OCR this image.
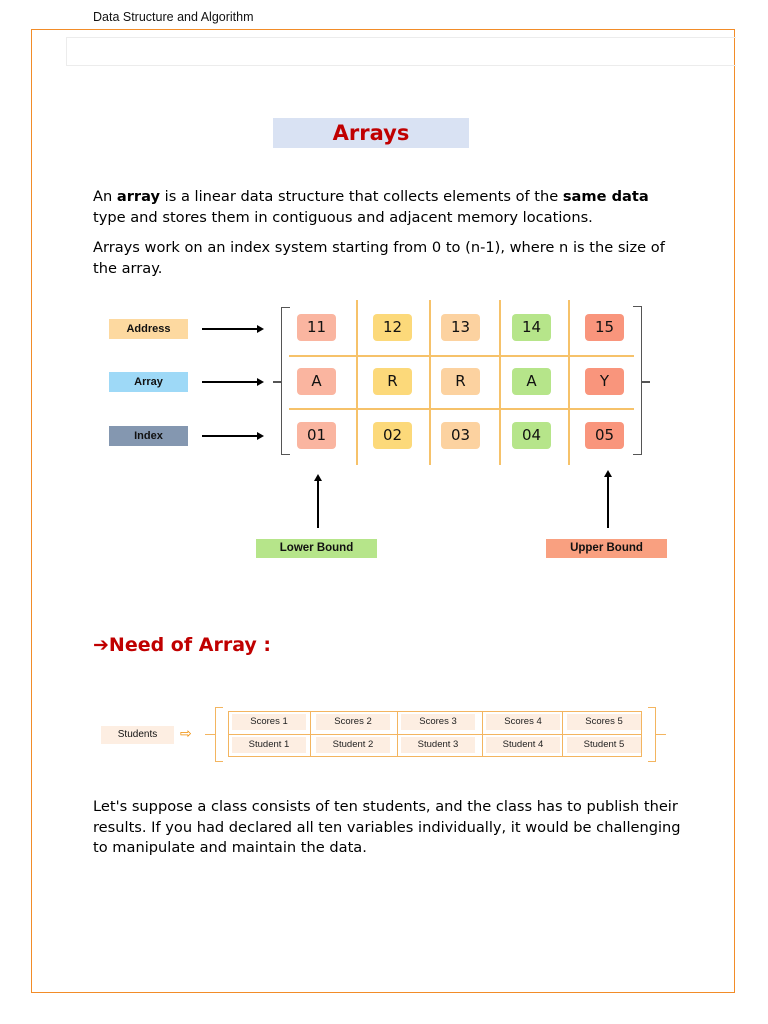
Data Structure and Algorithm
Arrays
An array is a linear data structure that collects elements of the same data type and stores them in contiguous and adjacent memory locations.
Arrays work on an index system starting from 0 to (n-1), where n is the size of the array.
Address
Array
Index
11	12	13	14	15
A	R	R	A	Y
01	02	03	04	05
Lower Bound	Upper Bound
➔Need of Array :
Students	⇨
Scores 1	Scores 2	Scores 3	Scores 4	Scores 5
Student 1	Student 2	Student 3	Student 4	Student 5
Let's suppose a class consists of ten students, and the class has to publish their results. If you had declared all ten variables individually, it would be challenging to manipulate and maintain the data.
